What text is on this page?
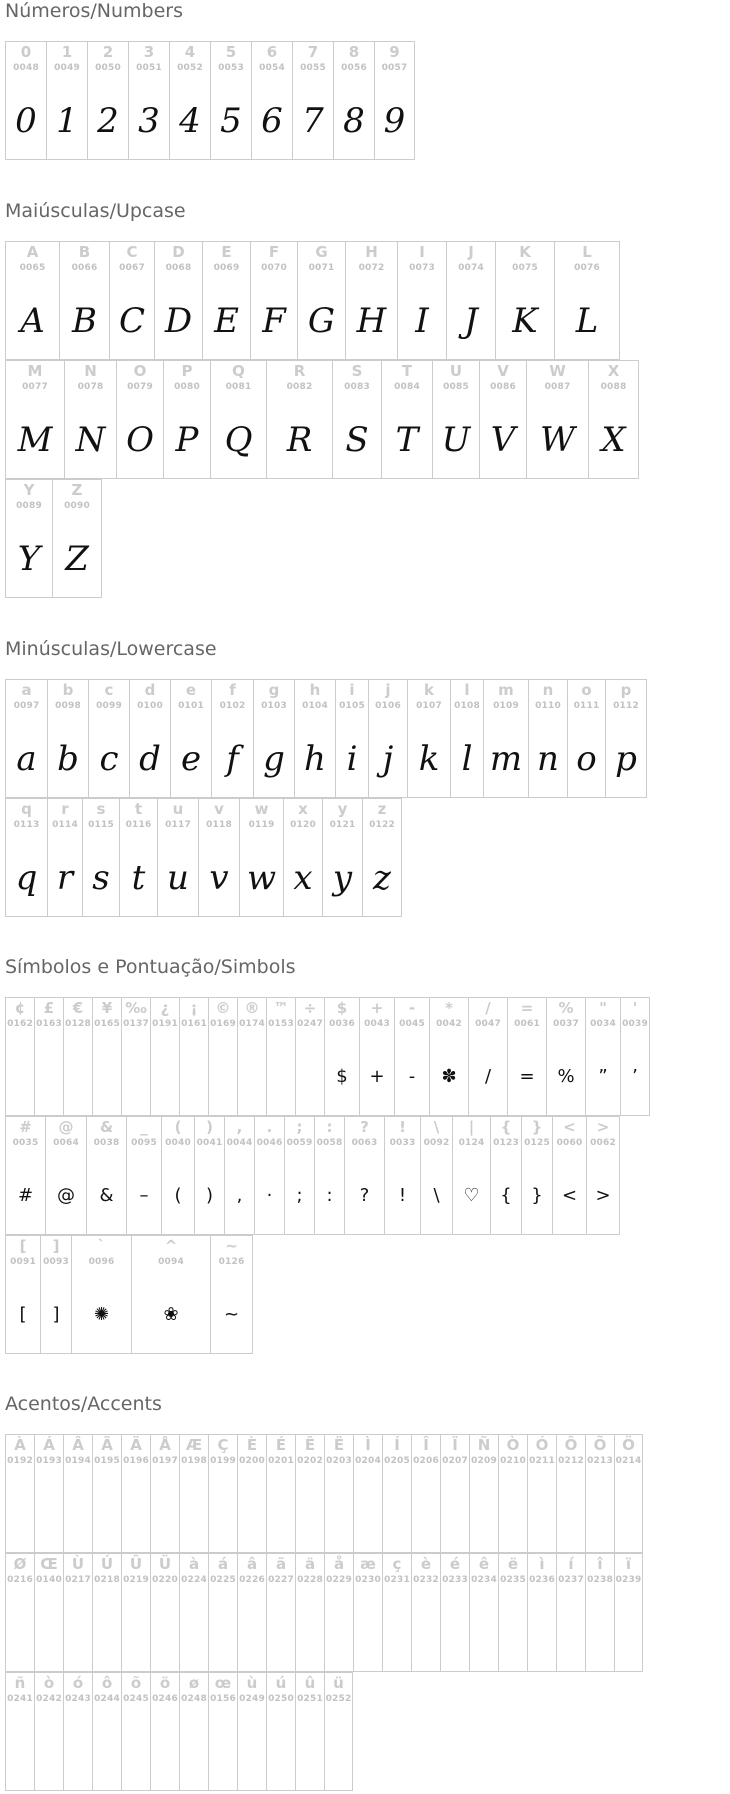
Números/Numbers
0
0048
0
1
0049
1
2
0050
2
3
0051
3
4
0052
4
5
0053
5
6
0054
6
7
0055
7
8
0056
8
9
0057
9
Maiúsculas/Upcase
A
0065
A
B
0066
B
C
0067
C
D
0068
D
E
0069
E
F
0070
F
G
0071
G
H
0072
H
I
0073
I
J
0074
J
K
0075
K
L
0076
L
M
0077
M
N
0078
N
O
0079
O
P
0080
P
Q
0081
Q
R
0082
R
S
0083
S
T
0084
T
U
0085
U
V
0086
V
W
0087
W
X
0088
X
Y
0089
Y
Z
0090
Z
Minúsculas/Lowercase
a
0097
a
b
0098
b
c
0099
c
d
0100
d
e
0101
e
f
0102
f
g
0103
g
h
0104
h
i
0105
i
j
0106
j
k
0107
k
l
0108
l
m
0109
m
n
0110
n
o
0111
o
p
0112
p
q
0113
q
r
0114
r
s
0115
s
t
0116
t
u
0117
u
v
0118
v
w
0119
w
x
0120
x
y
0121
y
z
0122
z
Símbolos e Pontuação/Simbols
¢
0162
£
0163
€
0128
¥
0165
‰
0137
¿
0191
¡
0161
©
0169
®
0174
™
0153
÷
0247
$
0036
$
+
0043
+
-
0045
-
*
0042
✽
/
0047
/
=
0061
=
%
0037
%
"
0034
”
'
0039
’
#
0035
#
@
0064
@
&
0038
&
_
0095
–
(
0040
(
)
0041
)
,
0044
,
.
0046
·
;
0059
;
:
0058
:
?
0063
?
!
0033
!
\
0092
\
|
0124
♡
{
0123
{
}
0125
}
<
0060
<
>
0062
>
[
0091
[
]
0093
]
`
0096
✺
^
0094
❀
~
0126
~
Acentos/Accents
À
0192
Á
0193
Â
0194
Ã
0195
Ä
0196
Å
0197
Æ
0198
Ç
0199
È
0200
É
0201
Ê
0202
Ë
0203
Ì
0204
Í
0205
Î
0206
Ï
0207
Ñ
0209
Ò
0210
Ó
0211
Ô
0212
Õ
0213
Ö
0214
Ø
0216
Œ
0140
Ù
0217
Ú
0218
Û
0219
Ü
0220
à
0224
á
0225
â
0226
ã
0227
ä
0228
å
0229
æ
0230
ç
0231
è
0232
é
0233
ê
0234
ë
0235
ì
0236
í
0237
î
0238
ï
0239
ñ
0241
ò
0242
ó
0243
ô
0244
õ
0245
ö
0246
ø
0248
œ
0156
ù
0249
ú
0250
û
0251
ü
0252
